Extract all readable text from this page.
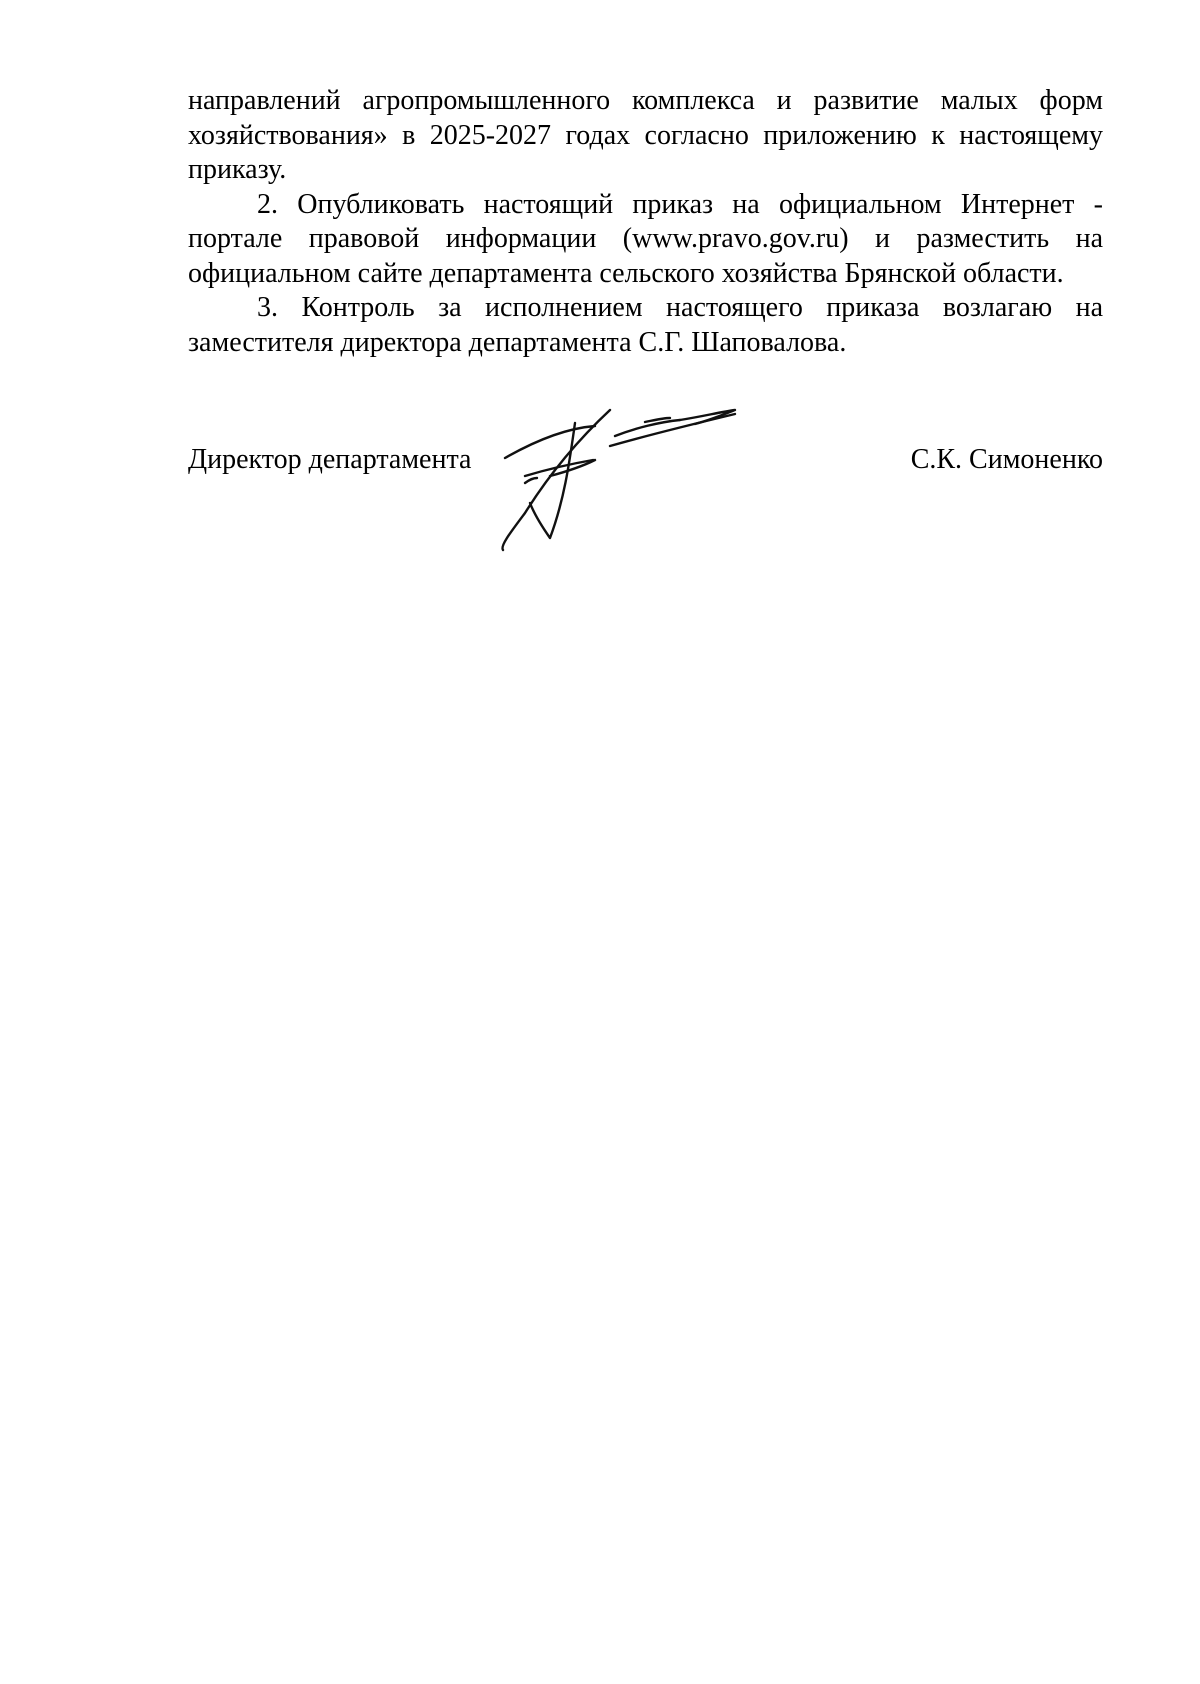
направлений агропромышленного комплекса и развитие малых форм хозяйствования» в 2025-2027 годах согласно приложению к настоящему приказу.

2. Опубликовать настоящий приказ на официальном Интернет - портале правовой информации (www.pravo.gov.ru) и разместить на официальном сайте департамента сельского хозяйства Брянской области.

3. Контроль за исполнением настоящего приказа возлагаю на заместителя директора департамента С.Г. Шаповалова.

Директор департамента	С.К. Симоненко
